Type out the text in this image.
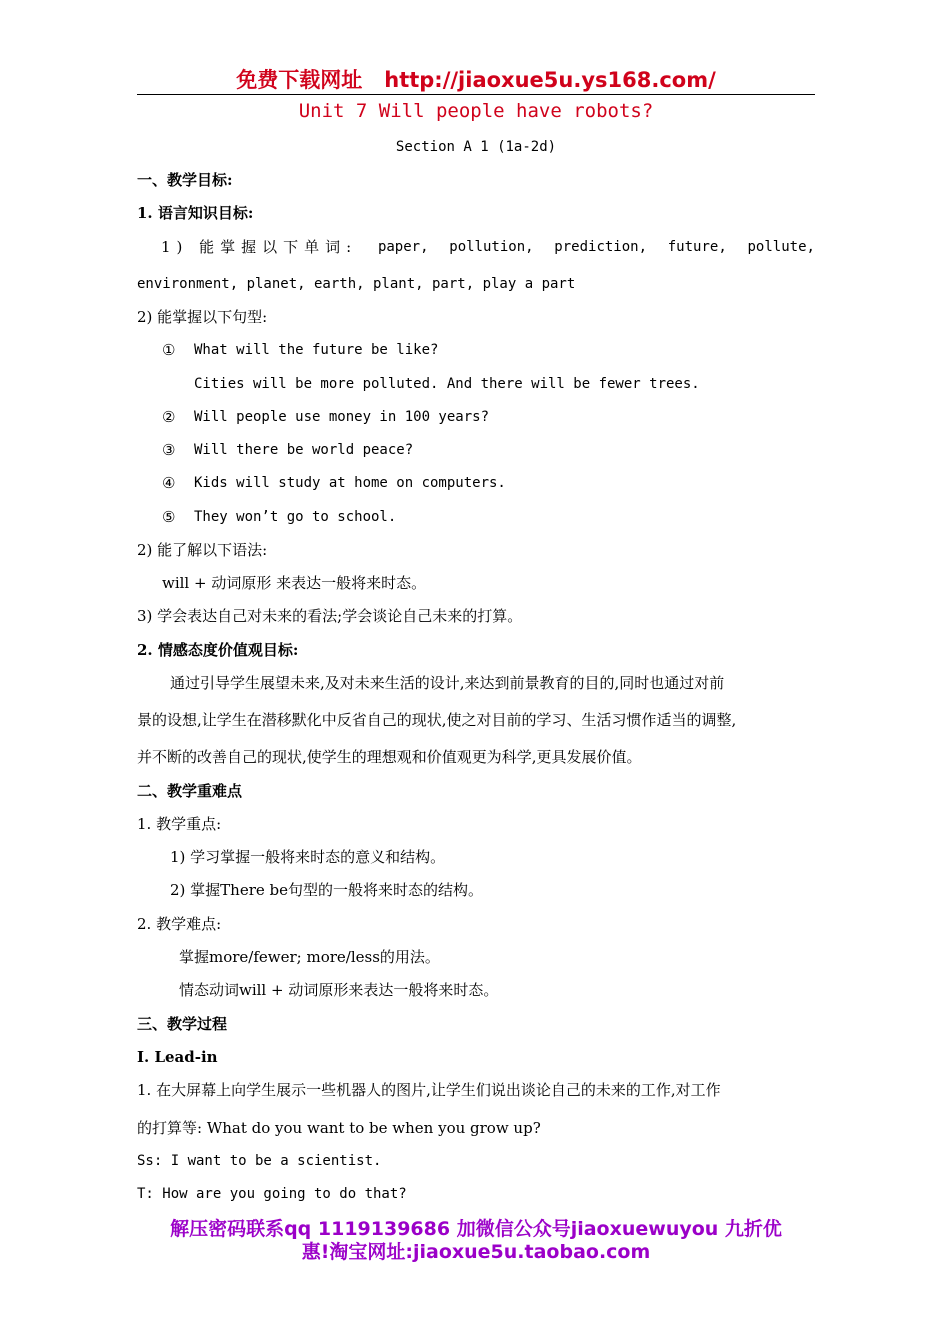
免费下载网址 http://jiaoxue5u.ys168.com/
Unit 7 Will people have robots?
Section A 1 (1a-2d)
一、教学目标:
1. 语言知识目标:
1) 能掌握以下单词: paper, pollution, prediction, future, pollute,
environment, planet, earth, plant, part, play a part
2) 能掌握以下句型:
① What will the future be like?
Cities will be more polluted. And there will be fewer trees.
② Will people use money in 100 years?
③ Will there be world peace?
④ Kids will study at home on computers.
⑤ They won’t go to school.
2) 能了解以下语法:
will + 动词原形 来表达一般将来时态。
3) 学会表达自己对未来的看法;学会谈论自己未来的打算。
2. 情感态度价值观目标:
通过引导学生展望未来,及对未来生活的设计,来达到前景教育的目的,同时也通过对前
景的设想,让学生在潜移默化中反省自己的现状,使之对目前的学习、生活习惯作适当的调整,
并不断的改善自己的现状,使学生的理想观和价值观更为科学,更具发展价值。
二、教学重难点
1. 教学重点:
1) 学习掌握一般将来时态的意义和结构。
2) 掌握There be句型的一般将来时态的结构。
2. 教学难点:
掌握more/fewer; more/less的用法。
情态动词will + 动词原形来表达一般将来时态。
三、教学过程
Ⅰ. Lead-in
1. 在大屏幕上向学生展示一些机器人的图片,让学生们说出谈论自己的未来的工作,对工作
的打算等: What do you want to be when you grow up?
Ss: I want to be a scientist.
T: How are you going to do that?
解压密码联系qq 1119139686 加微信公众号jiaoxuewuyou 九折优
惠!淘宝网址:jiaoxue5u.taobao.com
